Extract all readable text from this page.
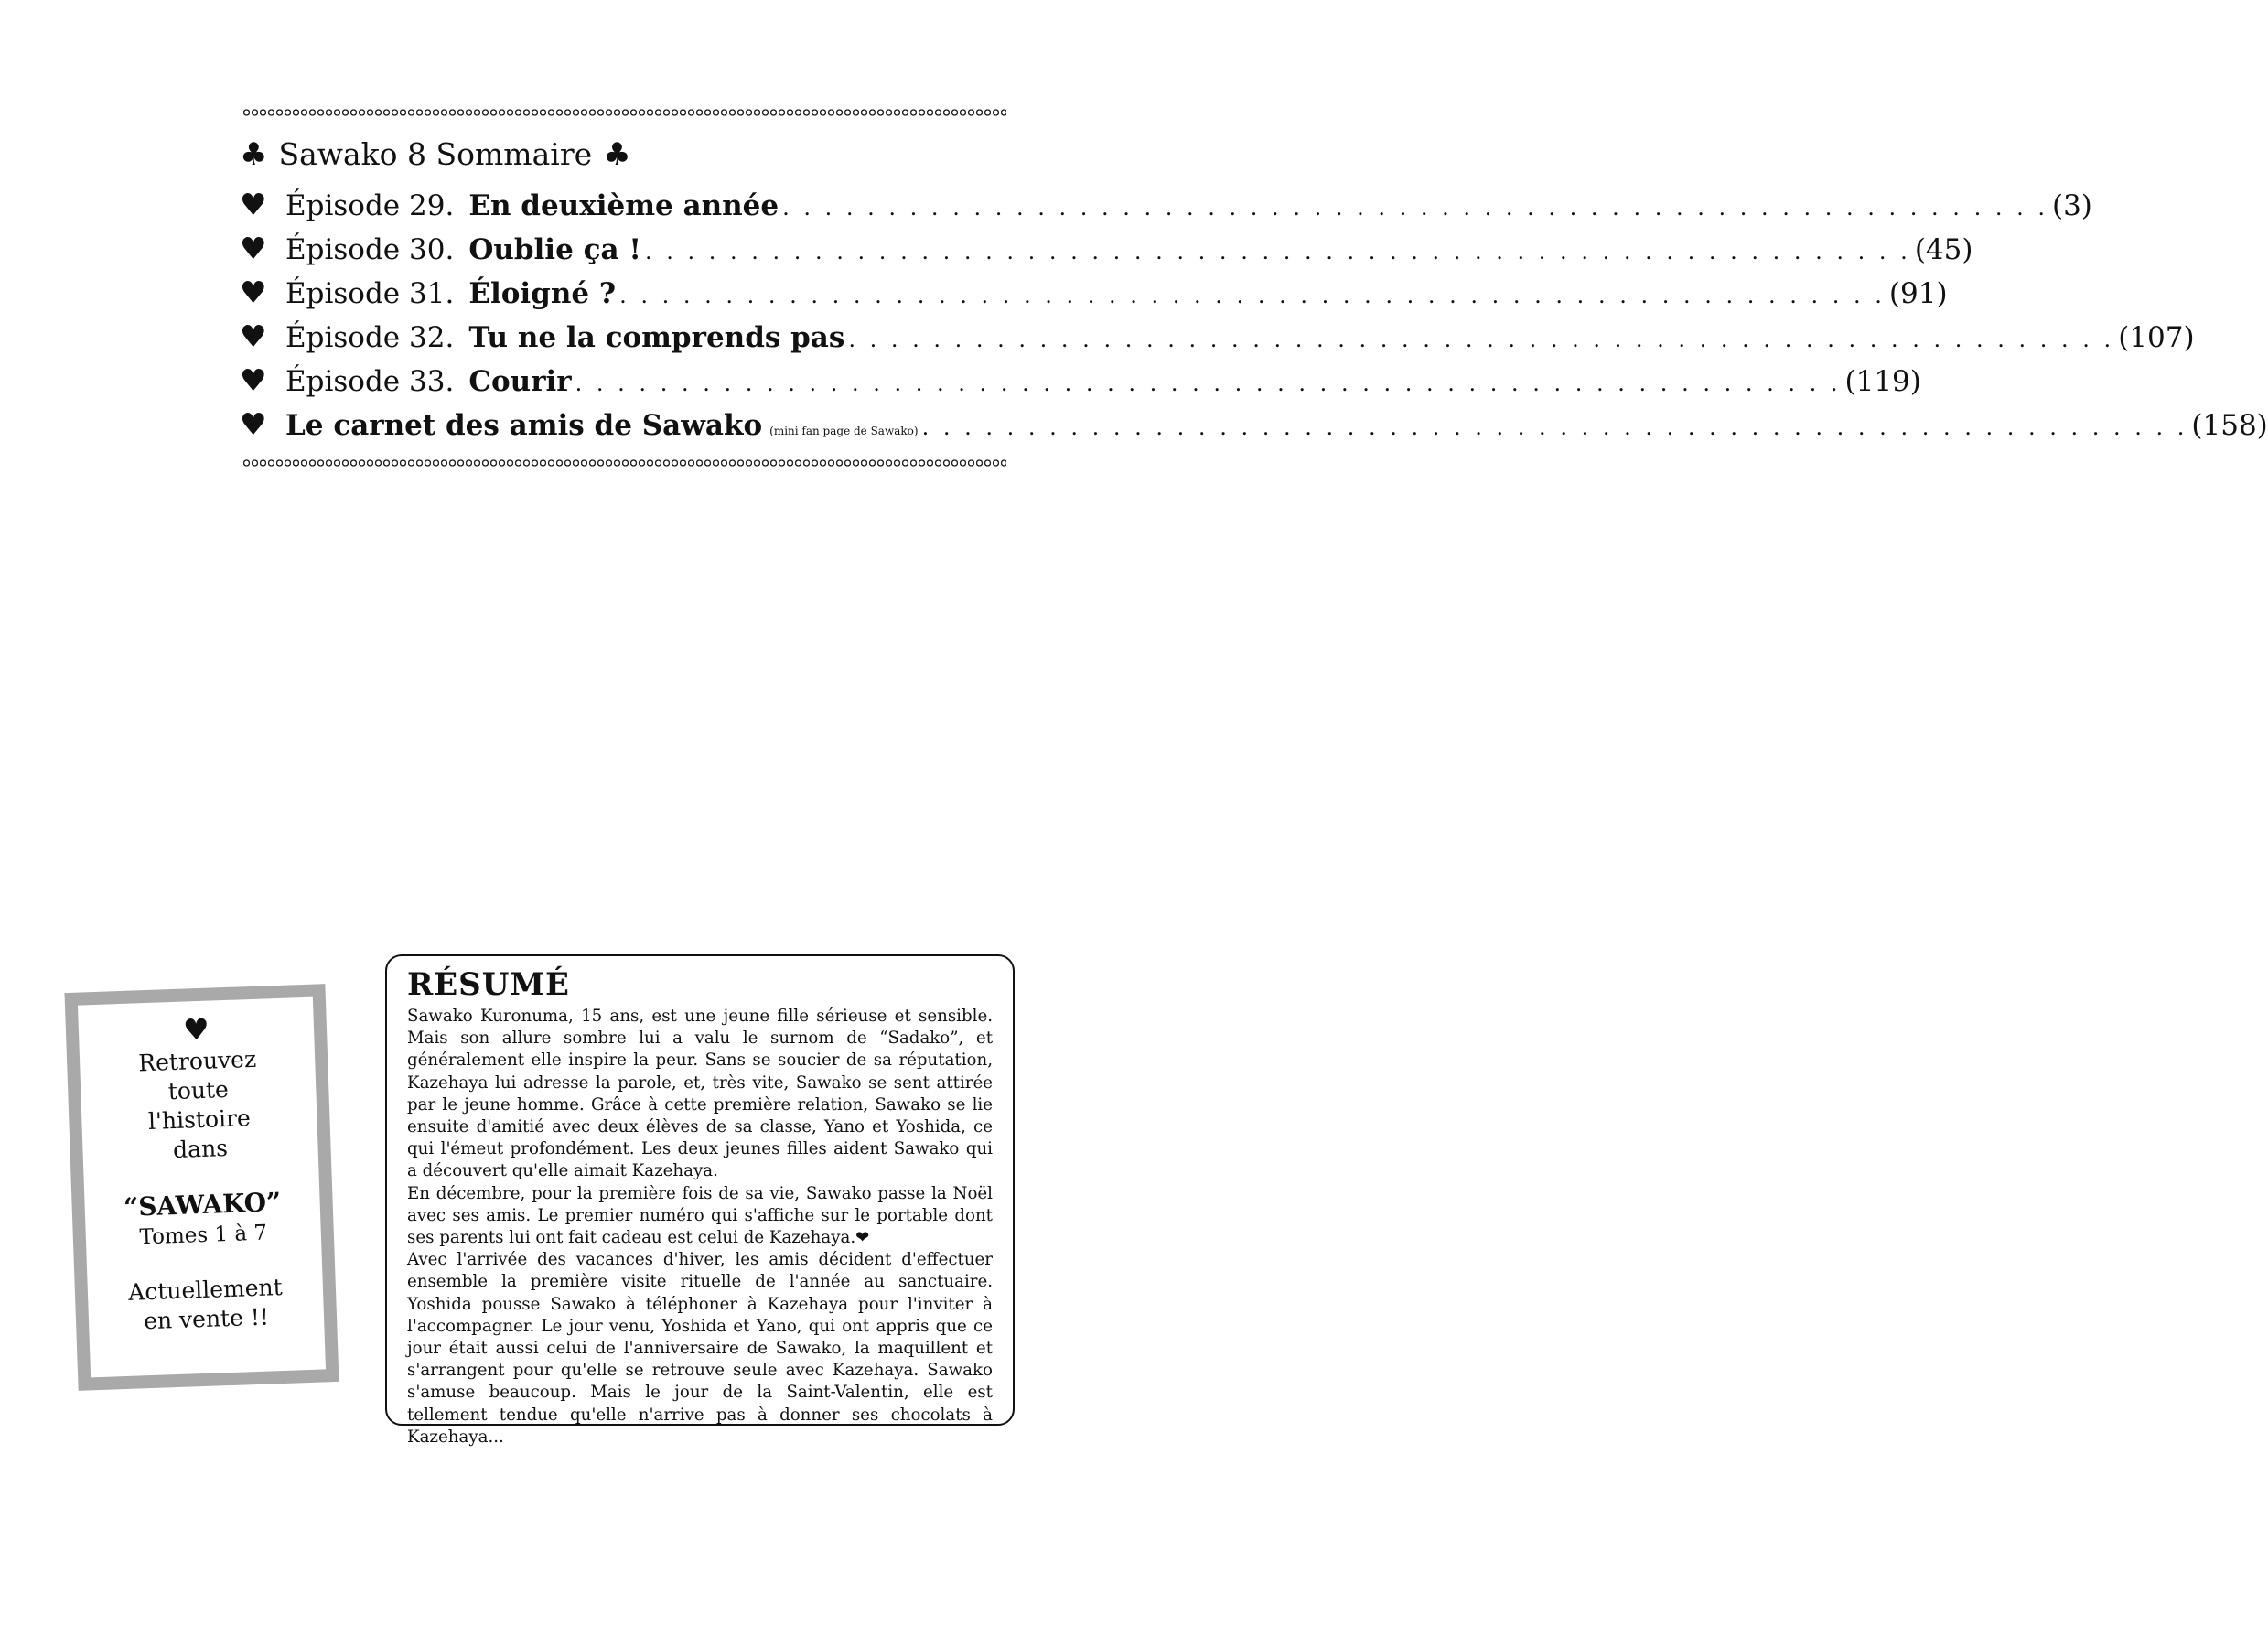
♣ Sawako 8 Sommaire ♣
♥ Épisode 29. En deuxième année . . .	(3)
♥ Épisode 30. Oublie ça ! . . .	(45)
♥ Épisode 31. Éloigné ? . . .	(91)
♥ Épisode 32. Tu ne la comprends pas . . .	(107)
♥ Épisode 33. Courir . . .	(119)
♥ Le carnet des amis de Sawako (mini fan page de Sawako) . . .	(158)
♥
Retrouvez
toute
l'histoire
dans
“SAWAKO”
Tomes 1 à 7
Actuellement
en vente !!
RÉSUMÉ

Sawako Kuronuma, 15 ans, est une jeune fille sérieuse et sensible. Mais son allure sombre lui a valu le surnom de “Sadako”, et généralement elle inspire la peur. Sans se soucier de sa réputation, Kazehaya lui adresse la parole, et, très vite, Sawako se sent attirée par le jeune homme. Grâce à cette première relation, Sawako se lie ensuite d'amitié avec deux élèves de sa classe, Yano et Yoshida, ce qui l'émeut profondément. Les deux jeunes filles aident Sawako qui a découvert qu'elle aimait Kazehaya.

En décembre, pour la première fois de sa vie, Sawako passe la Noël avec ses amis. Le premier numéro qui s'affiche sur le portable dont ses parents lui ont fait cadeau est celui de Kazehaya.❤

Avec l'arrivée des vacances d'hiver, les amis décident d'effectuer ensemble la première visite rituelle de l'année au sanctuaire. Yoshida pousse Sawako à téléphoner à Kazehaya pour l'inviter à l'accompagner. Le jour venu, Yoshida et Yano, qui ont appris que ce jour était aussi celui de l'anniversaire de Sawako, la maquillent et s'arrangent pour qu'elle se retrouve seule avec Kazehaya. Sawako s'amuse beaucoup. Mais le jour de la Saint-Valentin, elle est tellement tendue qu'elle n'arrive pas à donner ses chocolats à Kazehaya...
